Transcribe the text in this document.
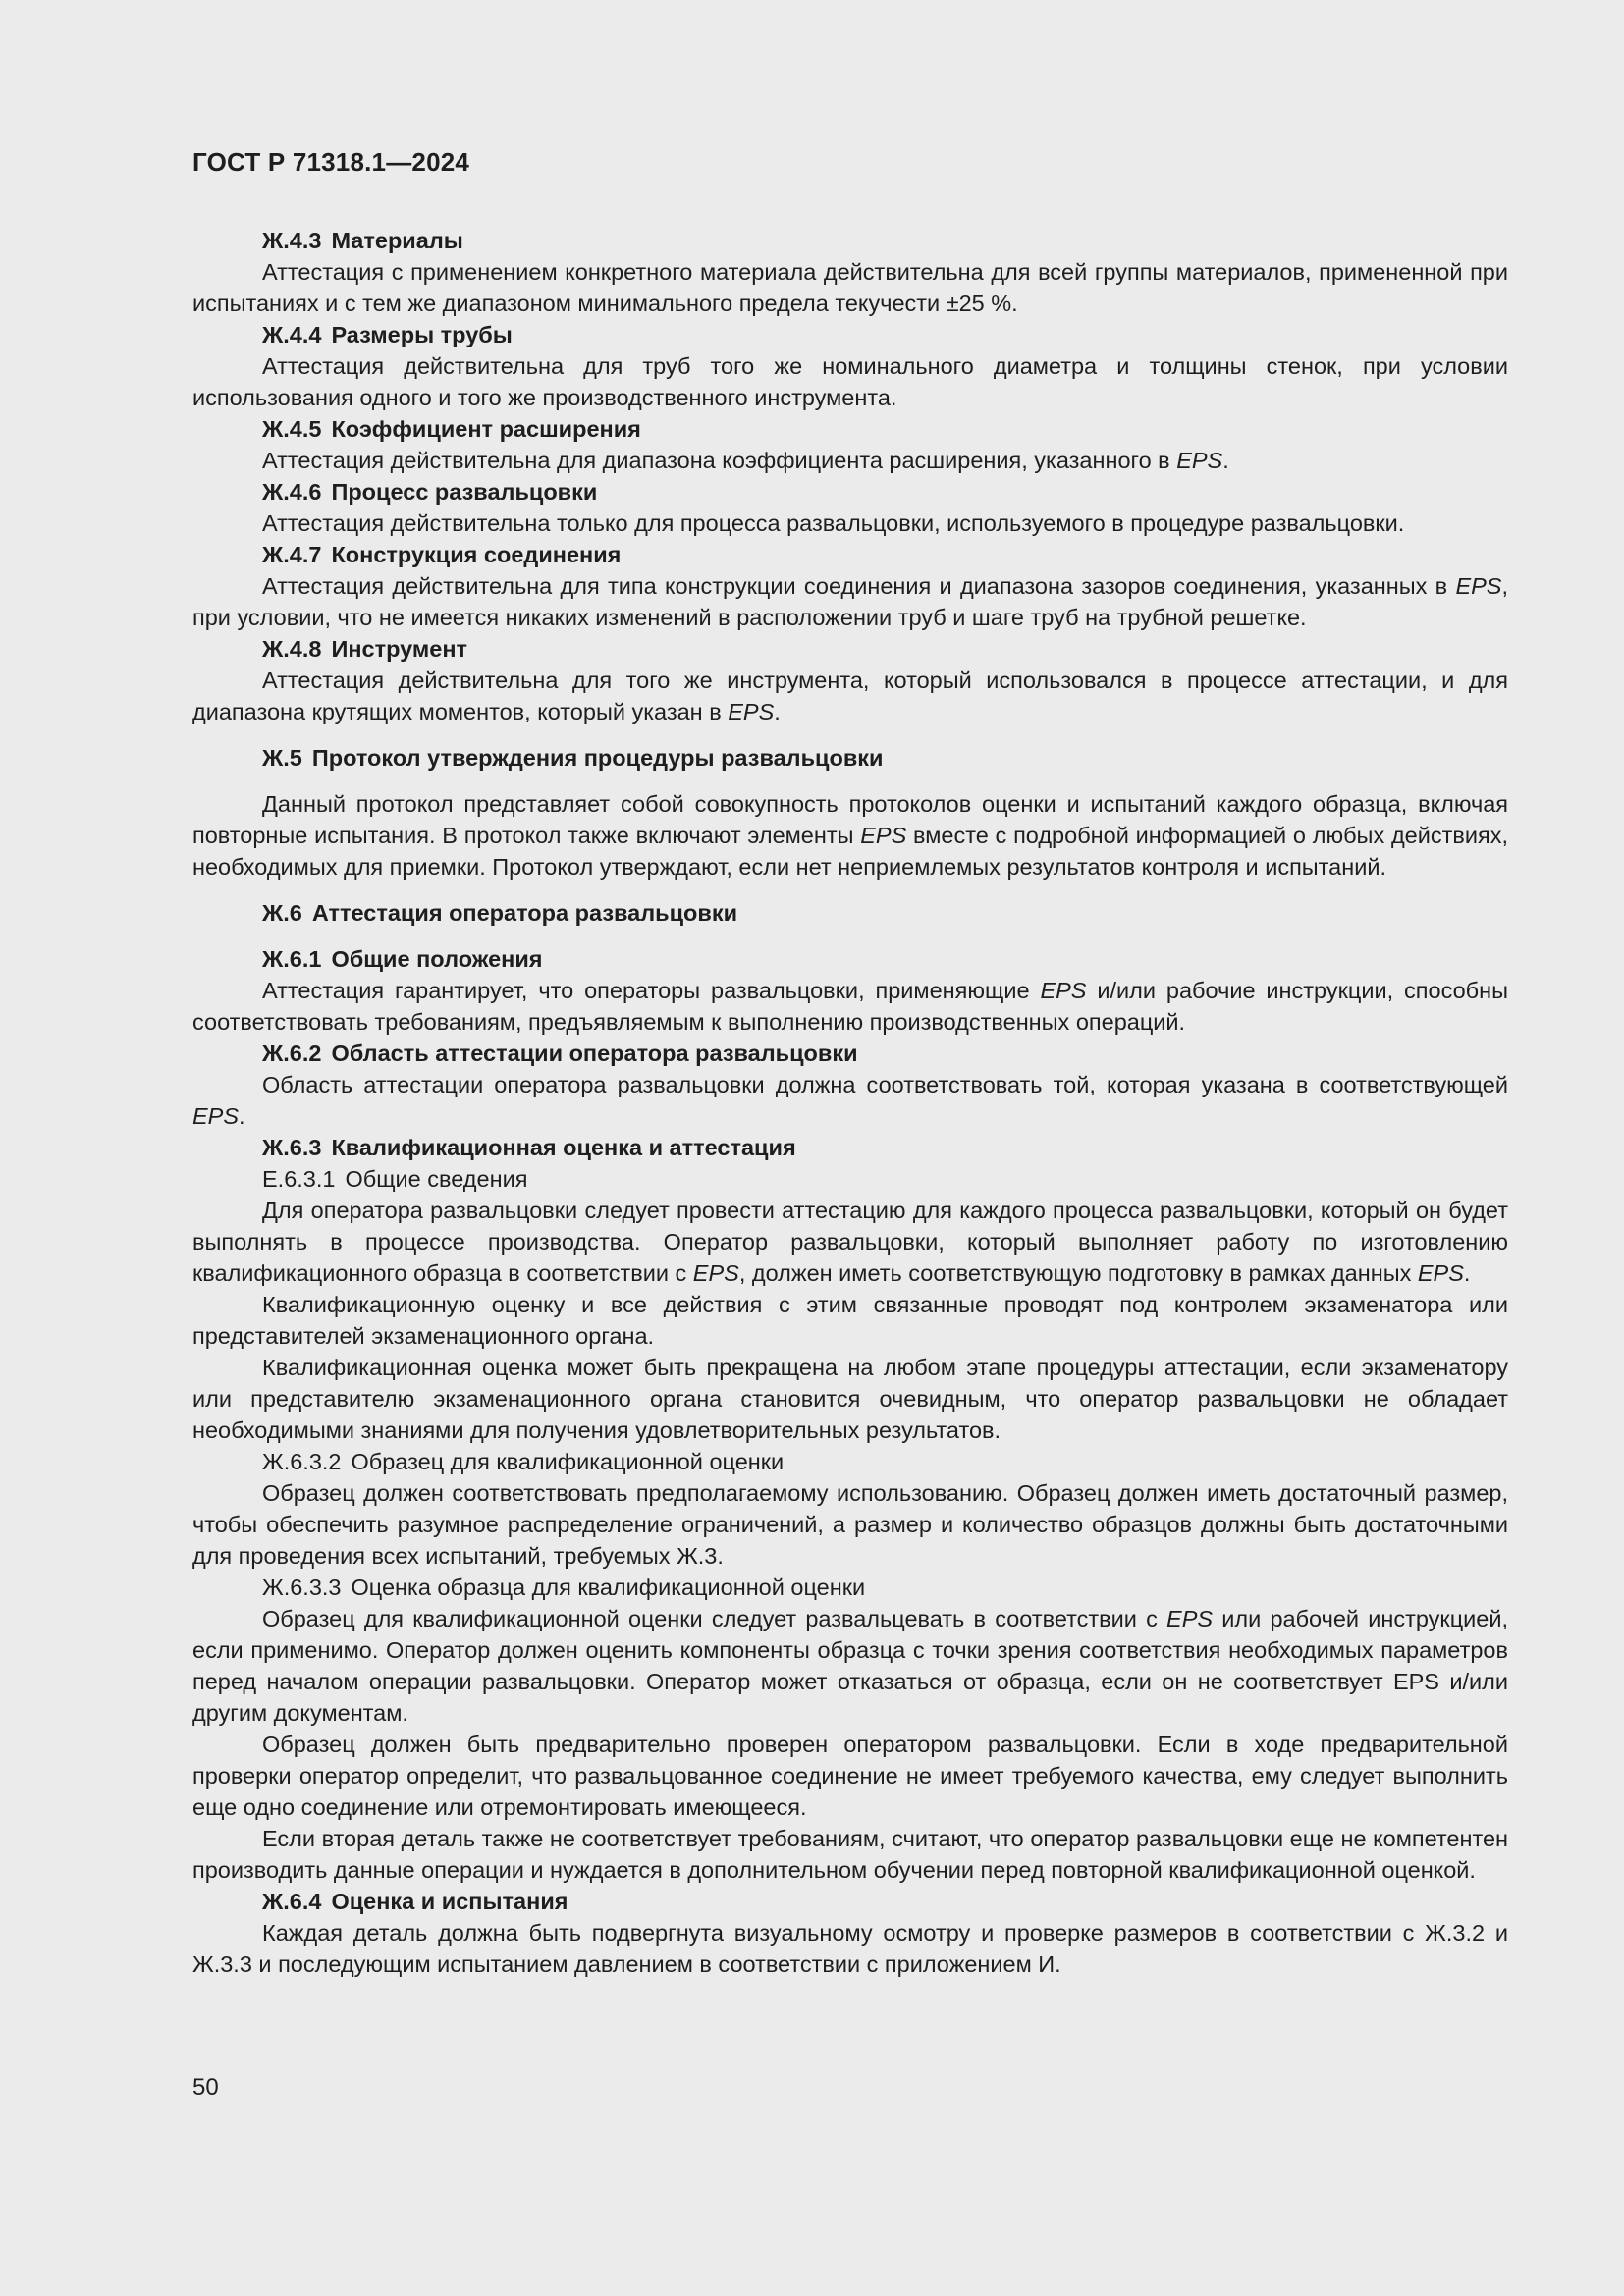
ГОСТ Р 71318.1—2024

Ж.4.3 Материалы

Аттестация с применением конкретного материала действительна для всей группы материалов, примененной при испытаниях и с тем же диапазоном минимального предела текучести ±25 %.

Ж.4.4 Размеры трубы

Аттестация действительна для труб того же номинального диаметра и толщины стенок, при условии использования одного и того же производственного инструмента.

Ж.4.5 Коэффициент расширения

Аттестация действительна для диапазона коэффициента расширения, указанного в EPS.

Ж.4.6 Процесс развальцовки

Аттестация действительна только для процесса развальцовки, используемого в процедуре развальцовки.

Ж.4.7 Конструкция соединения

Аттестация действительна для типа конструкции соединения и диапазона зазоров соединения, указанных в EPS, при условии, что не имеется никаких изменений в расположении труб и шаге труб на трубной решетке.

Ж.4.8 Инструмент

Аттестация действительна для того же инструмента, который использовался в процессе аттестации, и для диапазона крутящих моментов, который указан в EPS.

Ж.5 Протокол утверждения процедуры развальцовки

Данный протокол представляет собой совокупность протоколов оценки и испытаний каждого образца, включая повторные испытания. В протокол также включают элементы EPS вместе с подробной информацией о любых действиях, необходимых для приемки. Протокол утверждают, если нет неприемлемых результатов контроля и испытаний.

Ж.6 Аттестация оператора развальцовки

Ж.6.1 Общие положения

Аттестация гарантирует, что операторы развальцовки, применяющие EPS и/или рабочие инструкции, способны соответствовать требованиям, предъявляемым к выполнению производственных операций.

Ж.6.2 Область аттестации оператора развальцовки

Область аттестации оператора развальцовки должна соответствовать той, которая указана в соответствующей EPS.

Ж.6.3 Квалификационная оценка и аттестация

Е.6.3.1 Общие сведения

Для оператора развальцовки следует провести аттестацию для каждого процесса развальцовки, который он будет выполнять в процессе производства. Оператор развальцовки, который выполняет работу по изготовлению квалификационного образца в соответствии с EPS, должен иметь соответствующую подготовку в рамках данных EPS.

Квалификационную оценку и все действия с этим связанные проводят под контролем экзаменатора или представителей экзаменационного органа.

Квалификационная оценка может быть прекращена на любом этапе процедуры аттестации, если экзаменатору или представителю экзаменационного органа становится очевидным, что оператор развальцовки не обладает необходимыми знаниями для получения удовлетворительных результатов.

Ж.6.3.2 Образец для квалификационной оценки

Образец должен соответствовать предполагаемому использованию. Образец должен иметь достаточный размер, чтобы обеспечить разумное распределение ограничений, а размер и количество образцов должны быть достаточными для проведения всех испытаний, требуемых Ж.3.

Ж.6.3.3 Оценка образца для квалификационной оценки

Образец для квалификационной оценки следует развальцевать в соответствии с EPS или рабочей инструкцией, если применимо. Оператор должен оценить компоненты образца с точки зрения соответствия необходимых параметров перед началом операции развальцовки. Оператор может отказаться от образца, если он не соответствует EPS и/или другим документам.

Образец должен быть предварительно проверен оператором развальцовки. Если в ходе предварительной проверки оператор определит, что развальцованное соединение не имеет требуемого качества, ему следует выполнить еще одно соединение или отремонтировать имеющееся.

Если вторая деталь также не соответствует требованиям, считают, что оператор развальцовки еще не компетентен производить данные операции и нуждается в дополнительном обучении перед повторной квалификационной оценкой.

Ж.6.4 Оценка и испытания

Каждая деталь должна быть подвергнута визуальному осмотру и проверке размеров в соответствии с Ж.3.2 и Ж.3.3 и последующим испытанием давлением в соответствии с приложением И.

50
